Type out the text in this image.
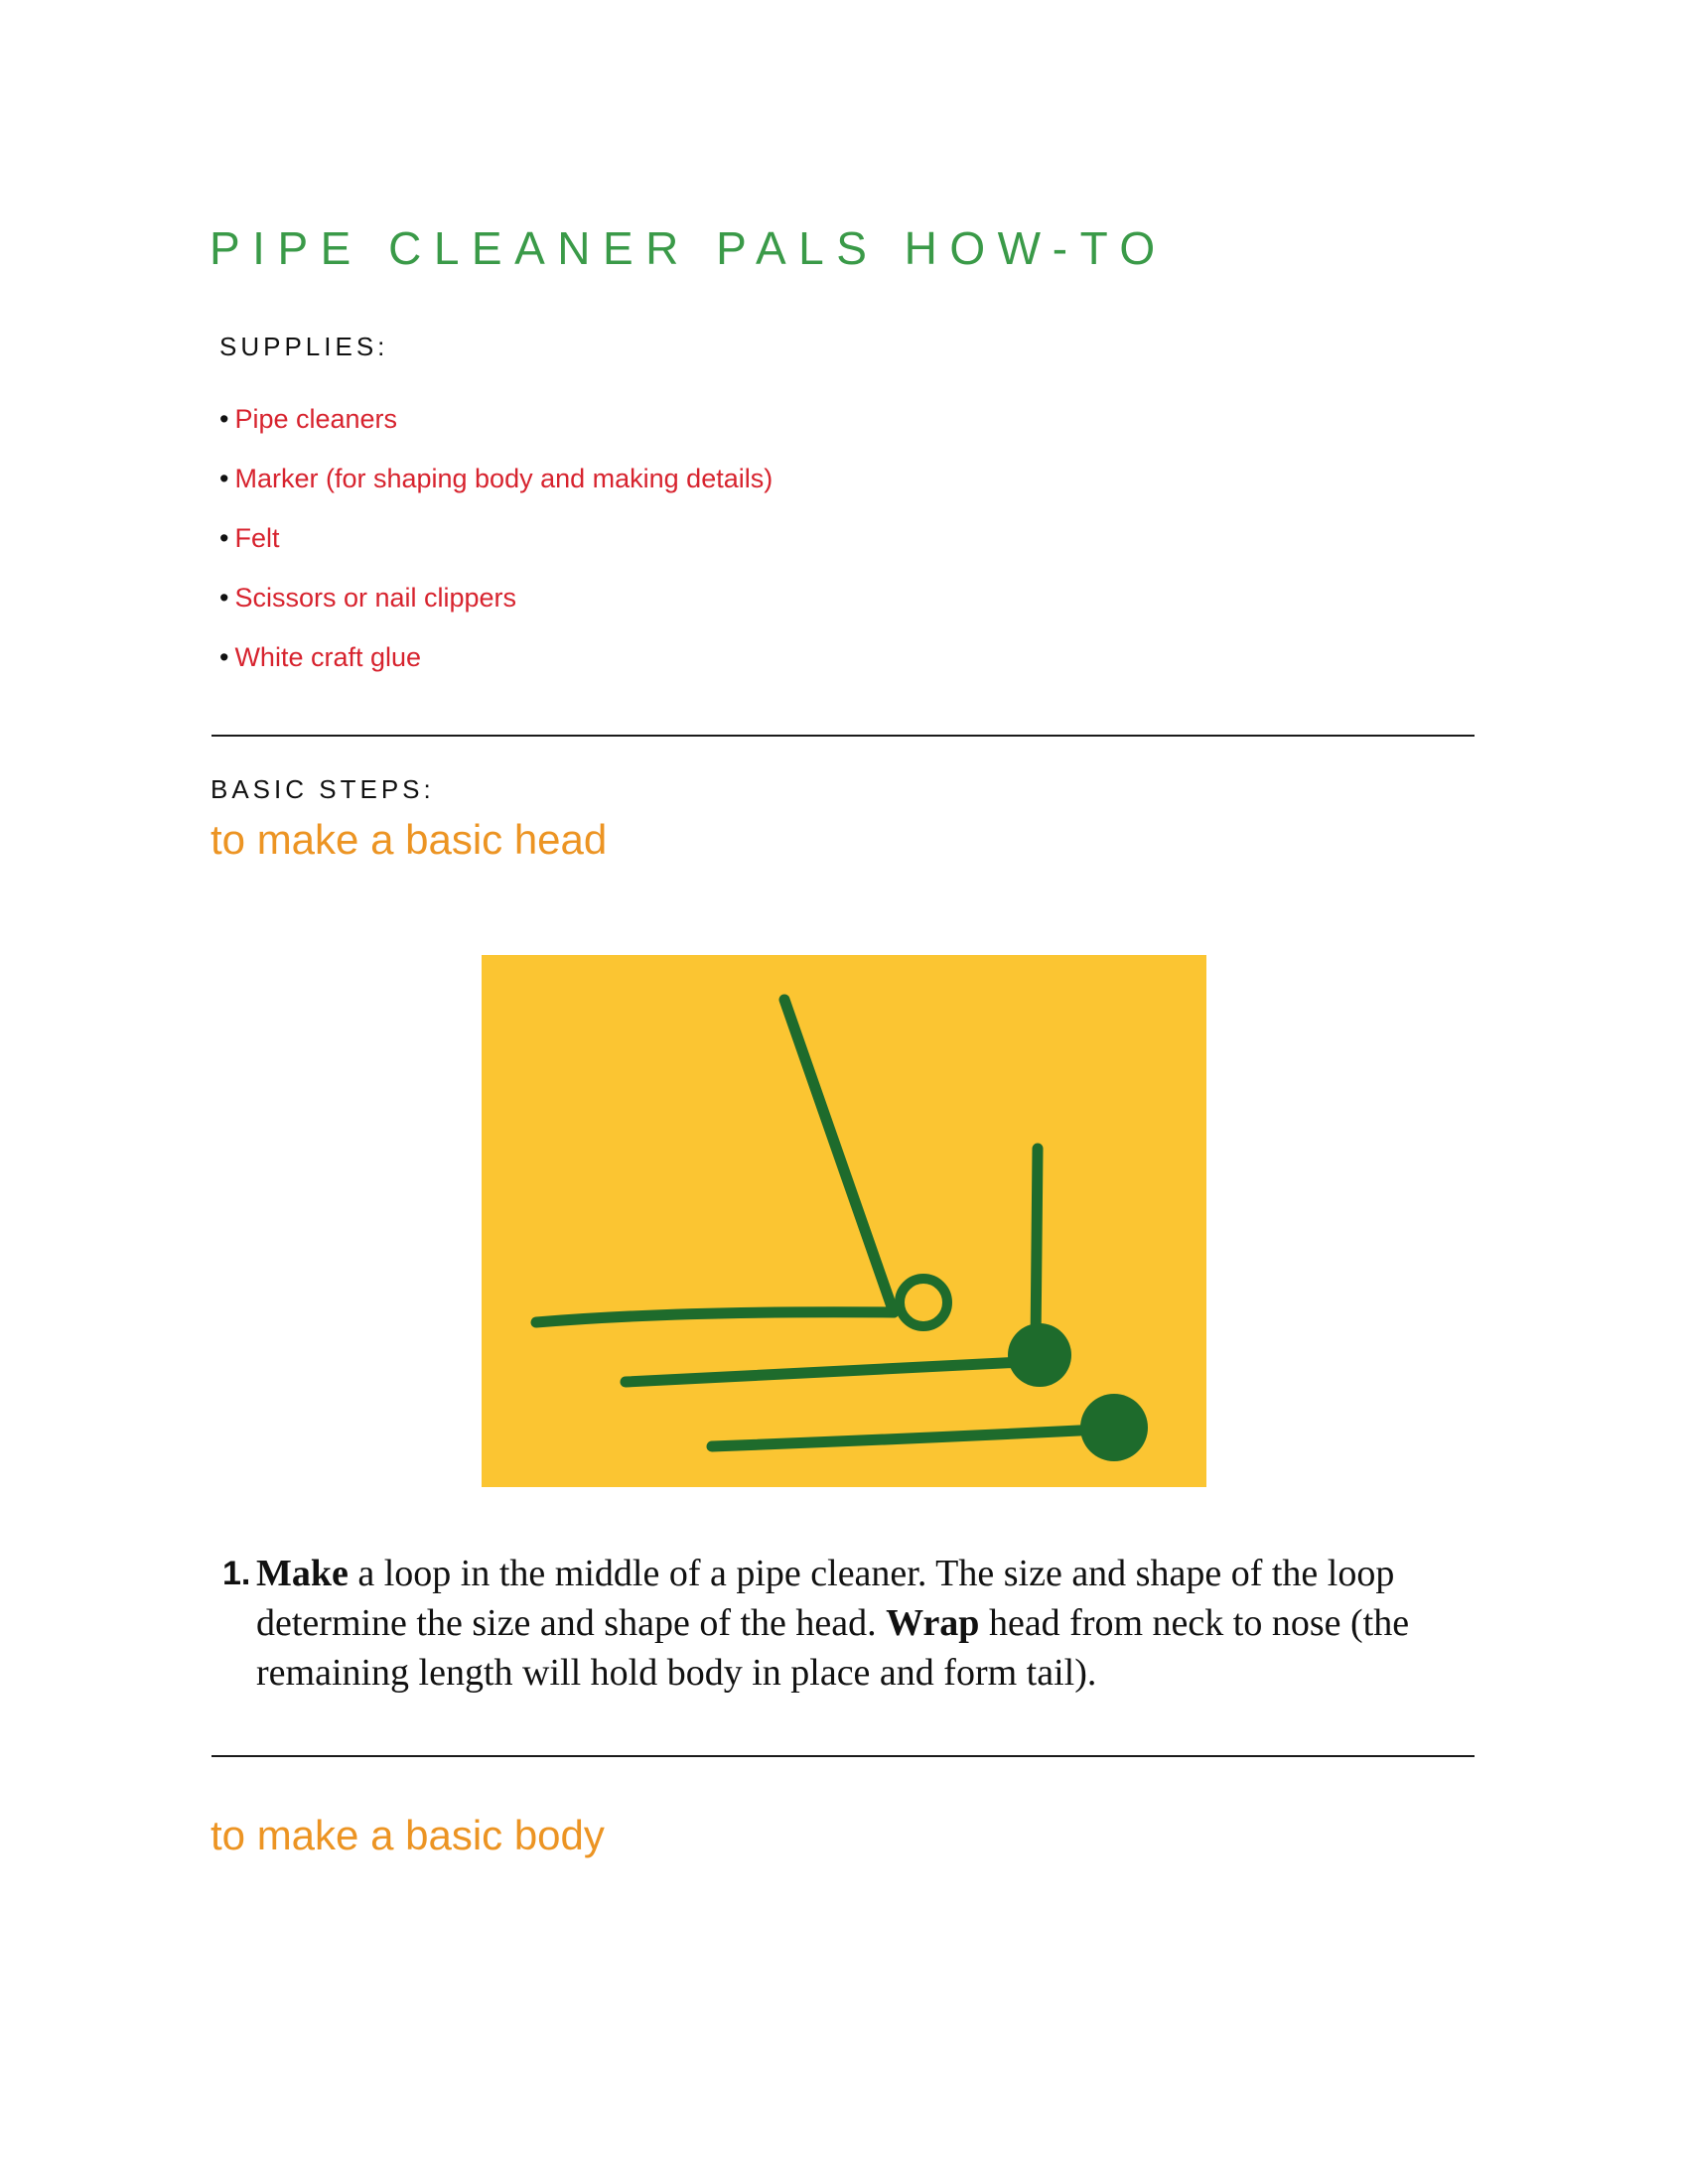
PIPE CLEANER PALS HOW-TO
SUPPLIES:
• Pipe cleaners
• Marker (for shaping body and making details)
• Felt
• Scissors or nail clippers
• White craft glue
BASIC STEPS:
to make a basic head
1. Make a loop in the middle of a pipe cleaner. The size and shape of the loop determine the size and shape of the head. Wrap head from neck to nose (the remaining length will hold body in place and form tail).
to make a basic body
